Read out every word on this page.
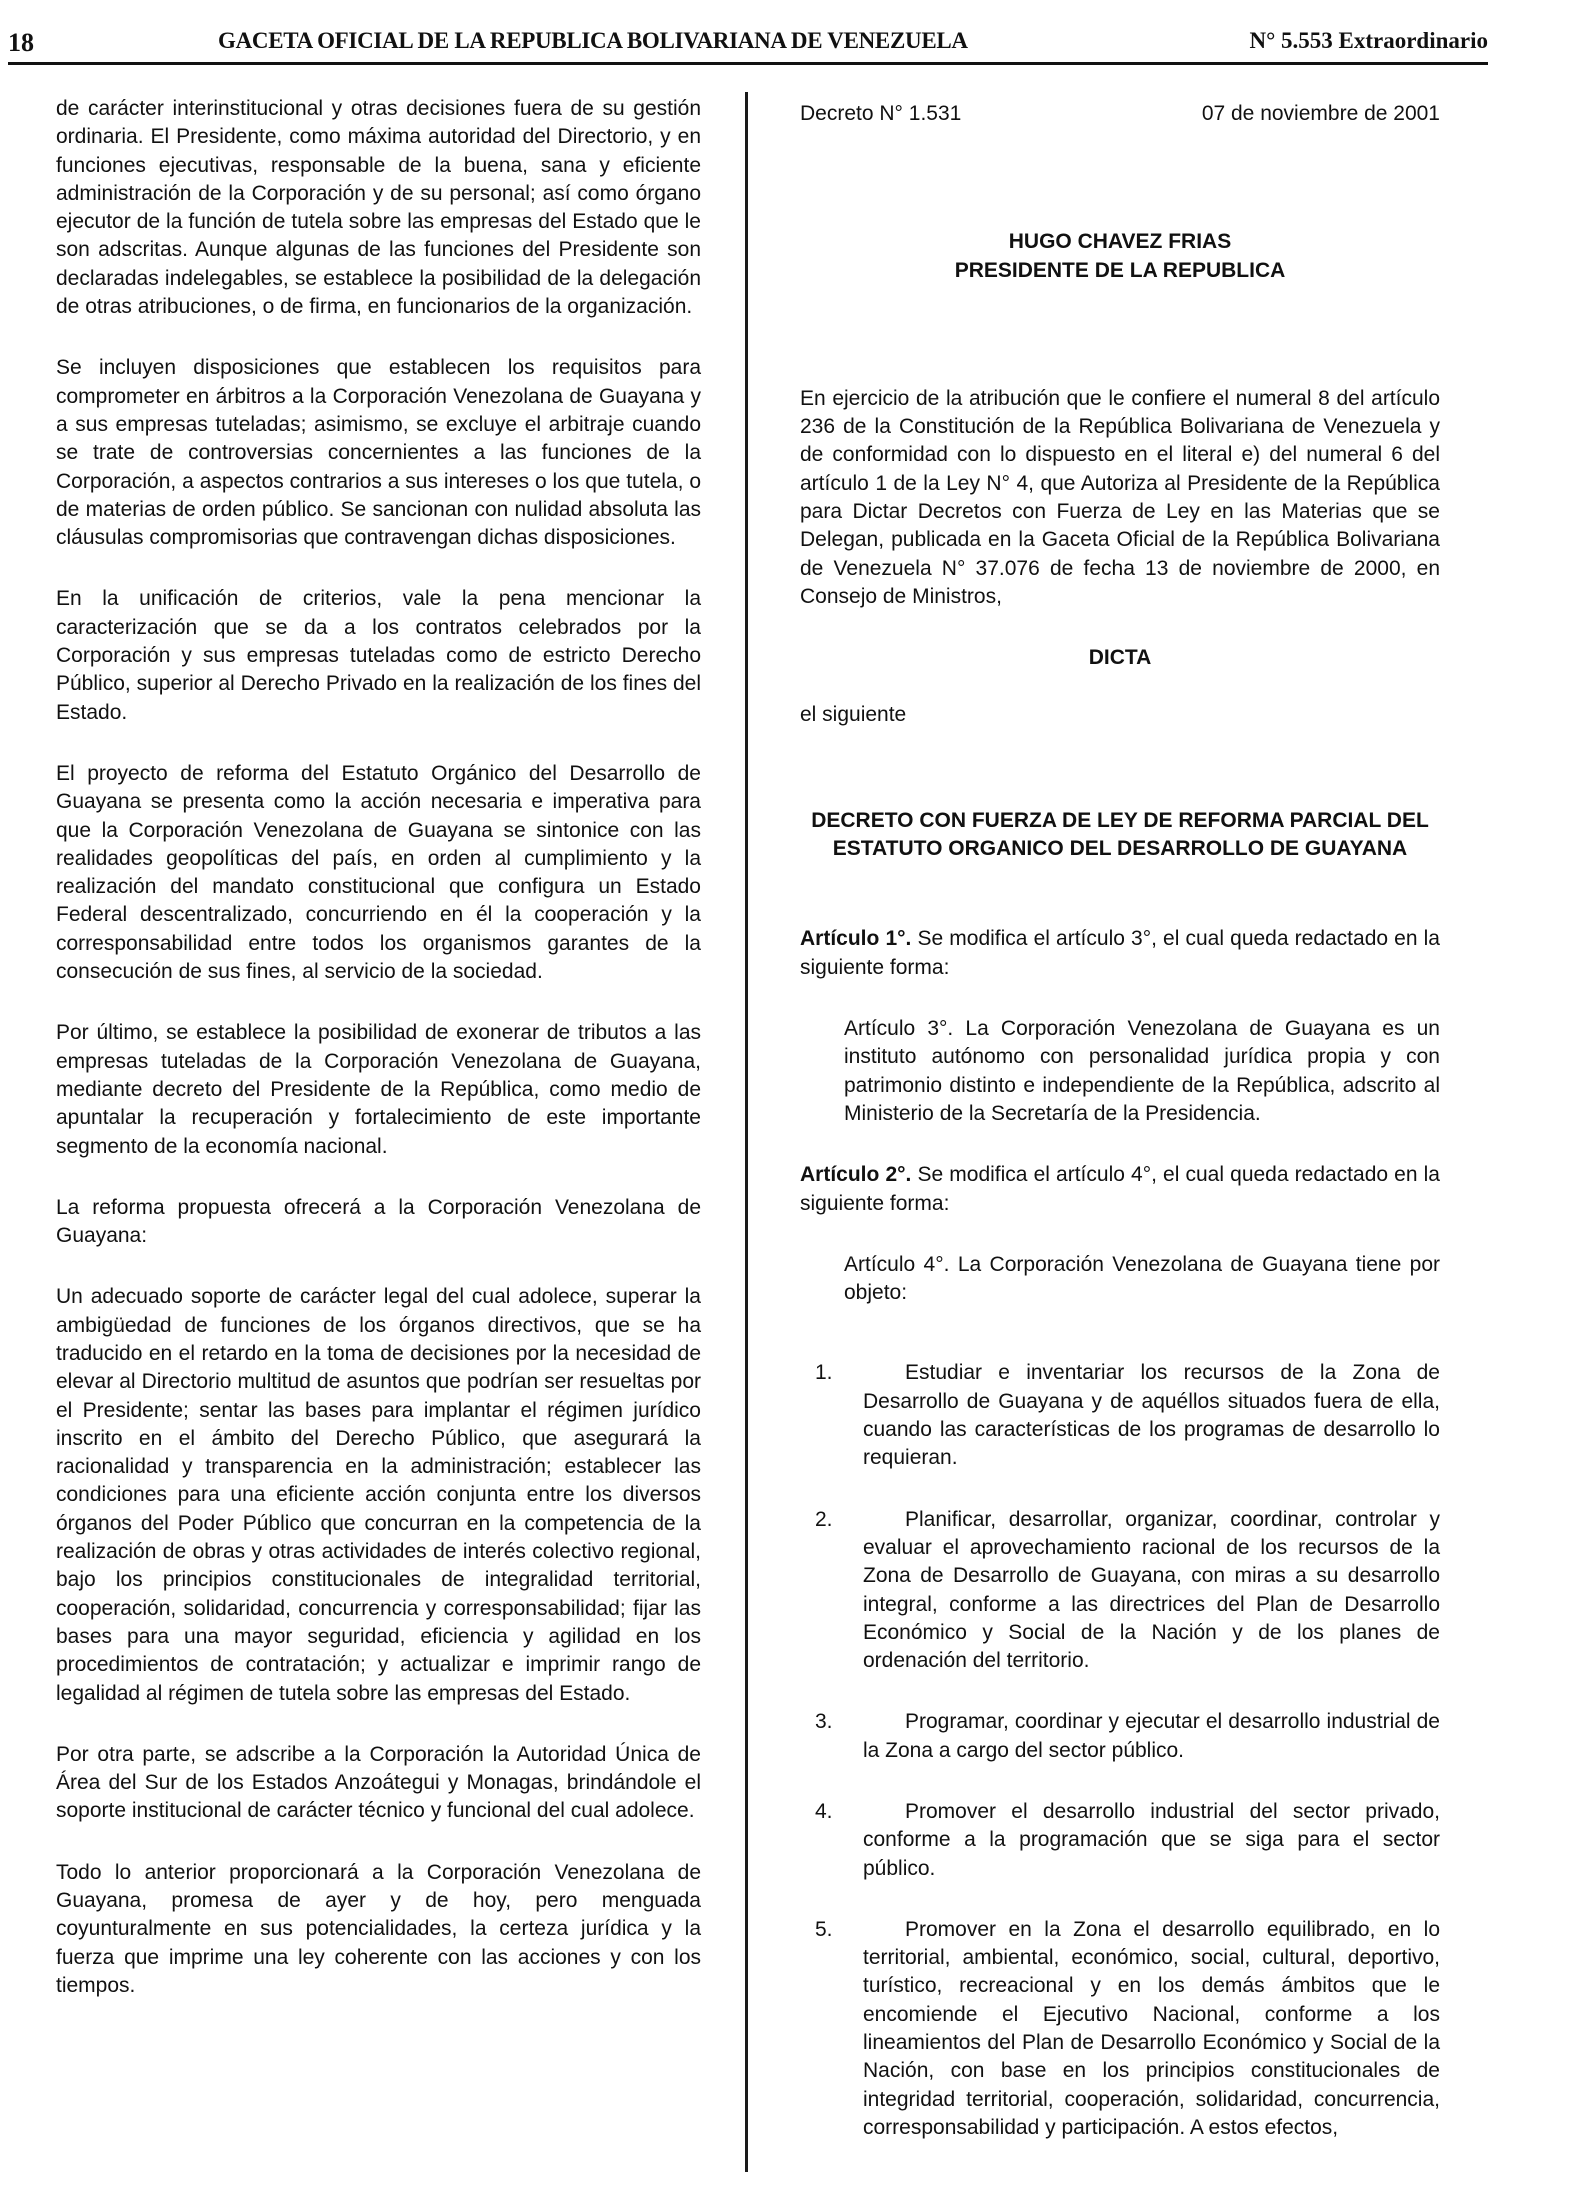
18	GACETA OFICIAL DE LA REPUBLICA BOLIVARIANA DE VENEZUELA	N° 5.553 Extraordinario

de carácter interinstitucional y otras decisiones fuera de su gestión ordinaria. El Presidente, como máxima autoridad del Directorio, y en funciones ejecutivas, responsable de la buena, sana y eficiente administración de la Corporación y de su personal; así como órgano ejecutor de la función de tutela sobre las empresas del Estado que le son adscritas. Aunque algunas de las funciones del Presidente son declaradas indelegables, se establece la posibilidad de la delegación de otras atribuciones, o de firma, en funcionarios de la organización.

Se incluyen disposiciones que establecen los requisitos para comprometer en árbitros a la Corporación Venezolana de Guayana y a sus empresas tuteladas; asimismo, se excluye el arbitraje cuando se trate de controversias concernientes a las funciones de la Corporación, a aspectos contrarios a sus intereses o los que tutela, o de materias de orden público. Se sancionan con nulidad absoluta las cláusulas compromisorias que contravengan dichas disposiciones.

En la unificación de criterios, vale la pena mencionar la caracterización que se da a los contratos celebrados por la Corporación y sus empresas tuteladas como de estricto Derecho Público, superior al Derecho Privado en la realización de los fines del Estado.

El proyecto de reforma del Estatuto Orgánico del Desarrollo de Guayana se presenta como la acción necesaria e imperativa para que la Corporación Venezolana de Guayana se sintonice con las realidades geopolíticas del país, en orden al cumplimiento y la realización del mandato constitucional que configura un Estado Federal descentralizado, concurriendo en él la cooperación y la corresponsabilidad entre todos los organismos garantes de la consecución de sus fines, al servicio de la sociedad.

Por último, se establece la posibilidad de exonerar de tributos a las empresas tuteladas de la Corporación Venezolana de Guayana, mediante decreto del Presidente de la República, como medio de apuntalar la recuperación y fortalecimiento de este importante segmento de la economía nacional.

La reforma propuesta ofrecerá a la Corporación Venezolana de Guayana:

Un adecuado soporte de carácter legal del cual adolece, superar la ambigüedad de funciones de los órganos directivos, que se ha traducido en el retardo en la toma de decisiones por la necesidad de elevar al Directorio multitud de asuntos que podrían ser resueltas por el Presidente; sentar las bases para implantar el régimen jurídico inscrito en el ámbito del Derecho Público, que asegurará la racionalidad y transparencia en la administración; establecer las condiciones para una eficiente acción conjunta entre los diversos órganos del Poder Público que concurran en la competencia de la realización de obras y otras actividades de interés colectivo regional, bajo los principios constitucionales de integralidad territorial, cooperación, solidaridad, concurrencia y corresponsabilidad; fijar las bases para una mayor seguridad, eficiencia y agilidad en los procedimientos de contratación; y actualizar e imprimir rango de legalidad al régimen de tutela sobre las empresas del Estado.

Por otra parte, se adscribe a la Corporación la Autoridad Única de Área del Sur de los Estados Anzoátegui y Monagas, brindándole el soporte institucional de carácter técnico y funcional del cual adolece.

Todo lo anterior proporcionará a la Corporación Venezolana de Guayana, promesa de ayer y de hoy, pero menguada coyunturalmente en sus potencialidades, la certeza jurídica y la fuerza que imprime una ley coherente con las acciones y con los tiempos.

Decreto N° 1.531	07 de noviembre de 2001
HUGO CHAVEZ FRIAS
PRESIDENTE DE LA REPUBLICA

En ejercicio de la atribución que le confiere el numeral 8 del artículo 236 de la Constitución de la República Bolivariana de Venezuela y de conformidad con lo dispuesto en el literal e) del numeral 6 del artículo 1 de la Ley N° 4, que Autoriza al Presidente de la República para Dictar Decretos con Fuerza de Ley en las Materias que se Delegan, publicada en la Gaceta Oficial de la República Bolivariana de Venezuela N° 37.076 de fecha 13 de noviembre de 2000, en Consejo de Ministros,

DICTA
el siguiente
DECRETO CON FUERZA DE LEY DE REFORMA PARCIAL DEL ESTATUTO ORGANICO DEL DESARROLLO DE GUAYANA

Artículo 1°. Se modifica el artículo 3°, el cual queda redactado en la siguiente forma:

Artículo 3°. La Corporación Venezolana de Guayana es un instituto autónomo con personalidad jurídica propia y con patrimonio distinto e independiente de la República, adscrito al Ministerio de la Secretaría de la Presidencia.

Artículo 2°. Se modifica el artículo 4°, el cual queda redactado en la siguiente forma:

Artículo 4°. La Corporación Venezolana de Guayana tiene por objeto:

1.	Estudiar e inventariar los recursos de la Zona de Desarrollo de Guayana y de aquéllos situados fuera de ella, cuando las características de los programas de desarrollo lo requieran.
2.	Planificar, desarrollar, organizar, coordinar, controlar y evaluar el aprovechamiento racional de los recursos de la Zona de Desarrollo de Guayana, con miras a su desarrollo integral, conforme a las directrices del Plan de Desarrollo Económico y Social de la Nación y de los planes de ordenación del territorio.
3.	Programar, coordinar y ejecutar el desarrollo industrial de la Zona a cargo del sector público.
4.	Promover el desarrollo industrial del sector privado, conforme a la programación que se siga para el sector público.
5.	Promover en la Zona el desarrollo equilibrado, en lo territorial, ambiental, económico, social, cultural, deportivo, turístico, recreacional y en los demás ámbitos que le encomiende el Ejecutivo Nacional, conforme a los lineamientos del Plan de Desarrollo Económico y Social de la Nación, con base en los principios constitucionales de integridad territorial, cooperación, solidaridad, concurrencia, corresponsabilidad y participación. A estos efectos,
